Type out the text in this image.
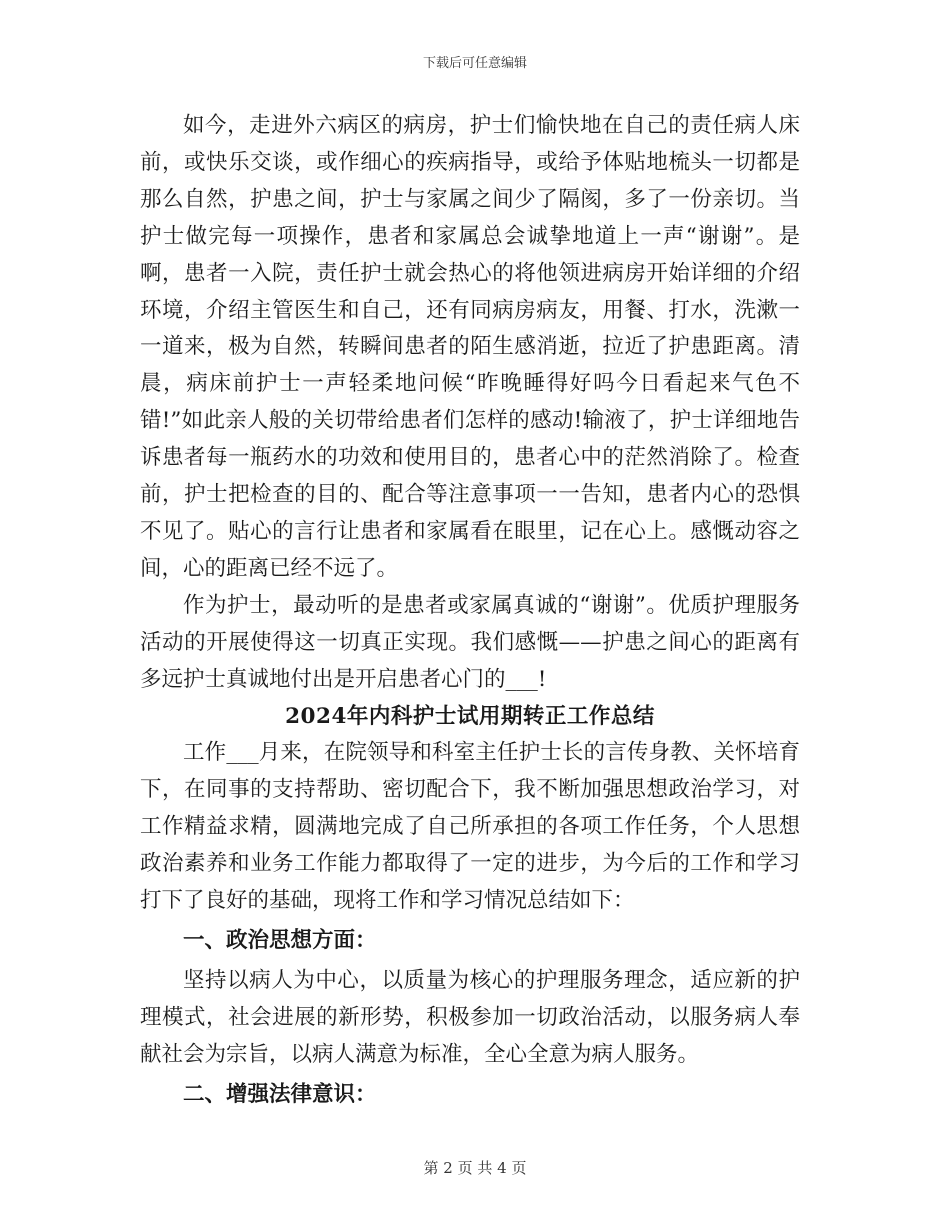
下载后可任意编辑

如今，走进外六病区的病房，护士们愉快地在自己的责任病人床前，或快乐交谈，或作细心的疾病指导，或给予体贴地梳头一切都是那么自然，护患之间，护士与家属之间少了隔阂，多了一份亲切。当护士做完每一项操作，患者和家属总会诚挚地道上一声“谢谢”。是啊，患者一入院，责任护士就会热心的将他领进病房开始详细的介绍环境，介绍主管医生和自己，还有同病房病友，用餐、打水，洗漱一一道来，极为自然，转瞬间患者的陌生感消逝，拉近了护患距离。清晨，病床前护士一声轻柔地问候“昨晚睡得好吗今日看起来气色不错!”如此亲人般的关切带给患者们怎样的感动!输液了，护士详细地告诉患者每一瓶药水的功效和使用目的，患者心中的茫然消除了。检查前，护士把检查的目的、配合等注意事项一一告知，患者内心的恐惧不见了。贴心的言行让患者和家属看在眼里，记在心上。感慨动容之间，心的距离已经不远了。

作为护士，最动听的是患者或家属真诚的“谢谢”。优质护理服务活动的开展使得这一切真正实现。我们感慨——护患之间心的距离有多远护士真诚地付出是开启患者心门的___!

2024年内科护士试用期转正工作总结

工作___月来，在院领导和科室主任护士长的言传身教、关怀培育下，在同事的支持帮助、密切配合下，我不断加强思想政治学习，对工作精益求精，圆满地完成了自己所承担的各项工作任务，个人思想政治素养和业务工作能力都取得了一定的进步，为今后的工作和学习打下了良好的基础，现将工作和学习情况总结如下：

一、政治思想方面：

坚持以病人为中心，以质量为核心的护理服务理念，适应新的护理模式，社会进展的新形势，积极参加一切政治活动，以服务病人奉献社会为宗旨，以病人满意为标准，全心全意为病人服务。

二、增强法律意识：

第 2 页 共 4 页
